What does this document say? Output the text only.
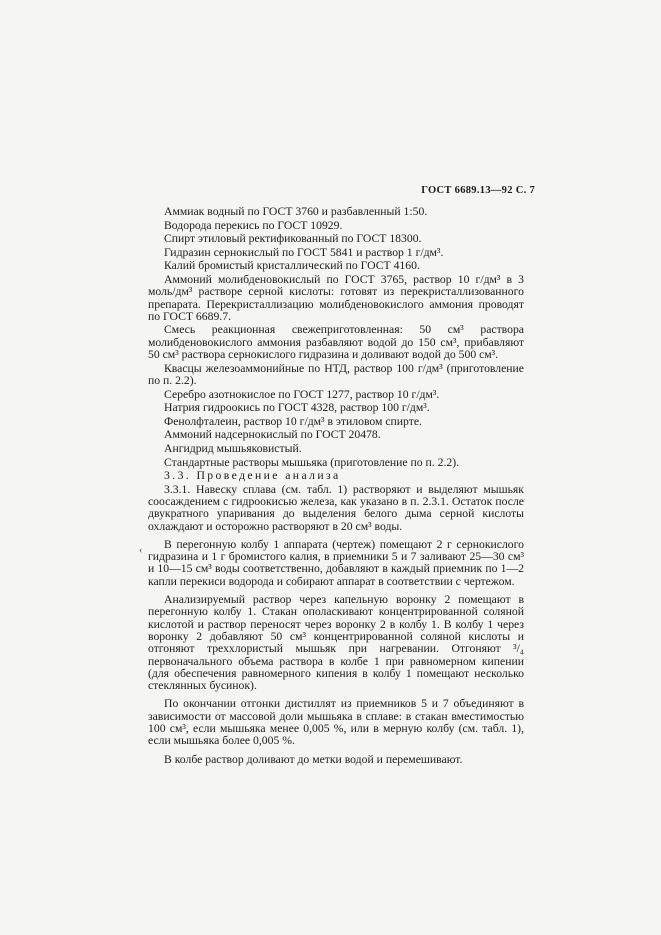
ГОСТ 6689.13—92 С. 7

Аммиак водный по ГОСТ 3760 и разбавленный 1:50.

Водорода перекись по ГОСТ 10929.

Спирт этиловый ректификованный по ГОСТ 18300.

Гидразин сернокислый по ГОСТ 5841 и раствор 1 г/дм³.

Калий бромистый кристаллический по ГОСТ 4160.

Аммоний молибденовокислый по ГОСТ 3765, раствор 10 г/дм³ в 3 моль/дм³ растворе серной кислоты: готовят из перекристаллизованного препарата. Перекристаллизацию молибденовокислого аммония проводят по ГОСТ 6689.7.

Смесь реакционная свежеприготовленная: 50 см³ раствора молибденовокислого аммония разбавляют водой до 150 см³, прибавляют 50 см³ раствора сернокислого гидразина и доливают водой до 500 см³.

Квасцы железоаммонийные по НТД, раствор 100 г/дм³ (приготовление по п. 2.2).

Серебро азотнокислое по ГОСТ 1277, раствор 10 г/дм³.

Натрия гидроокись по ГОСТ 4328, раствор 100 г/дм³.

Фенолфталеин, раствор 10 г/дм³ в этиловом спирте.

Аммоний надсернокислый по ГОСТ 20478.

Ангидрид мышьяковистый.

Стандартные растворы мышьяка (приготовление по п. 2.2).

3.3. Проведение анализа

3.3.1. Навеску сплава (см. табл. 1) растворяют и выделяют мышьяк соосаждением с гидроокисью железа, как указано в п. 2.3.1. Остаток после двукратного упаривания до выделения белого дыма серной кислоты охлаждают и осторожно растворяют в 20 см³ воды.

В перегонную колбу 1 аппарата (чертеж) помещают 2 г сернокислого гидразина и 1 г бромистого калия, в приемники 5 и 7 заливают 25—30 см³ и 10—15 см³ воды соответственно, добавляют в каждый приемник по 1—2 капли перекиси водорода и собирают аппарат в соответствии с чертежом.

Анализируемый раствор через капельную воронку 2 помещают в перегонную колбу 1. Стакан ополаскивают концентрированной соляной кислотой и раствор переносят через воронку 2 в колбу 1. В колбу 1 через воронку 2 добавляют 50 см³ концентрированной соляной кислоты и отгоняют треххлористый мышьяк при нагревании. Отгоняют ³/₄ первоначального объема раствора в колбе 1 при равномерном кипении (для обеспечения равномерного кипения в колбу 1 помещают несколько стеклянных бусинок).

По окончании отгонки дистиллят из приемников 5 и 7 объединяют в зависимости от массовой доли мышьяка в сплаве: в стакан вместимостью 100 см³, если мышьяка менее 0,005 %, или в мерную колбу (см. табл. 1), если мышьяка более 0,005 %.

В колбе раствор доливают до метки водой и перемешивают.

‹
